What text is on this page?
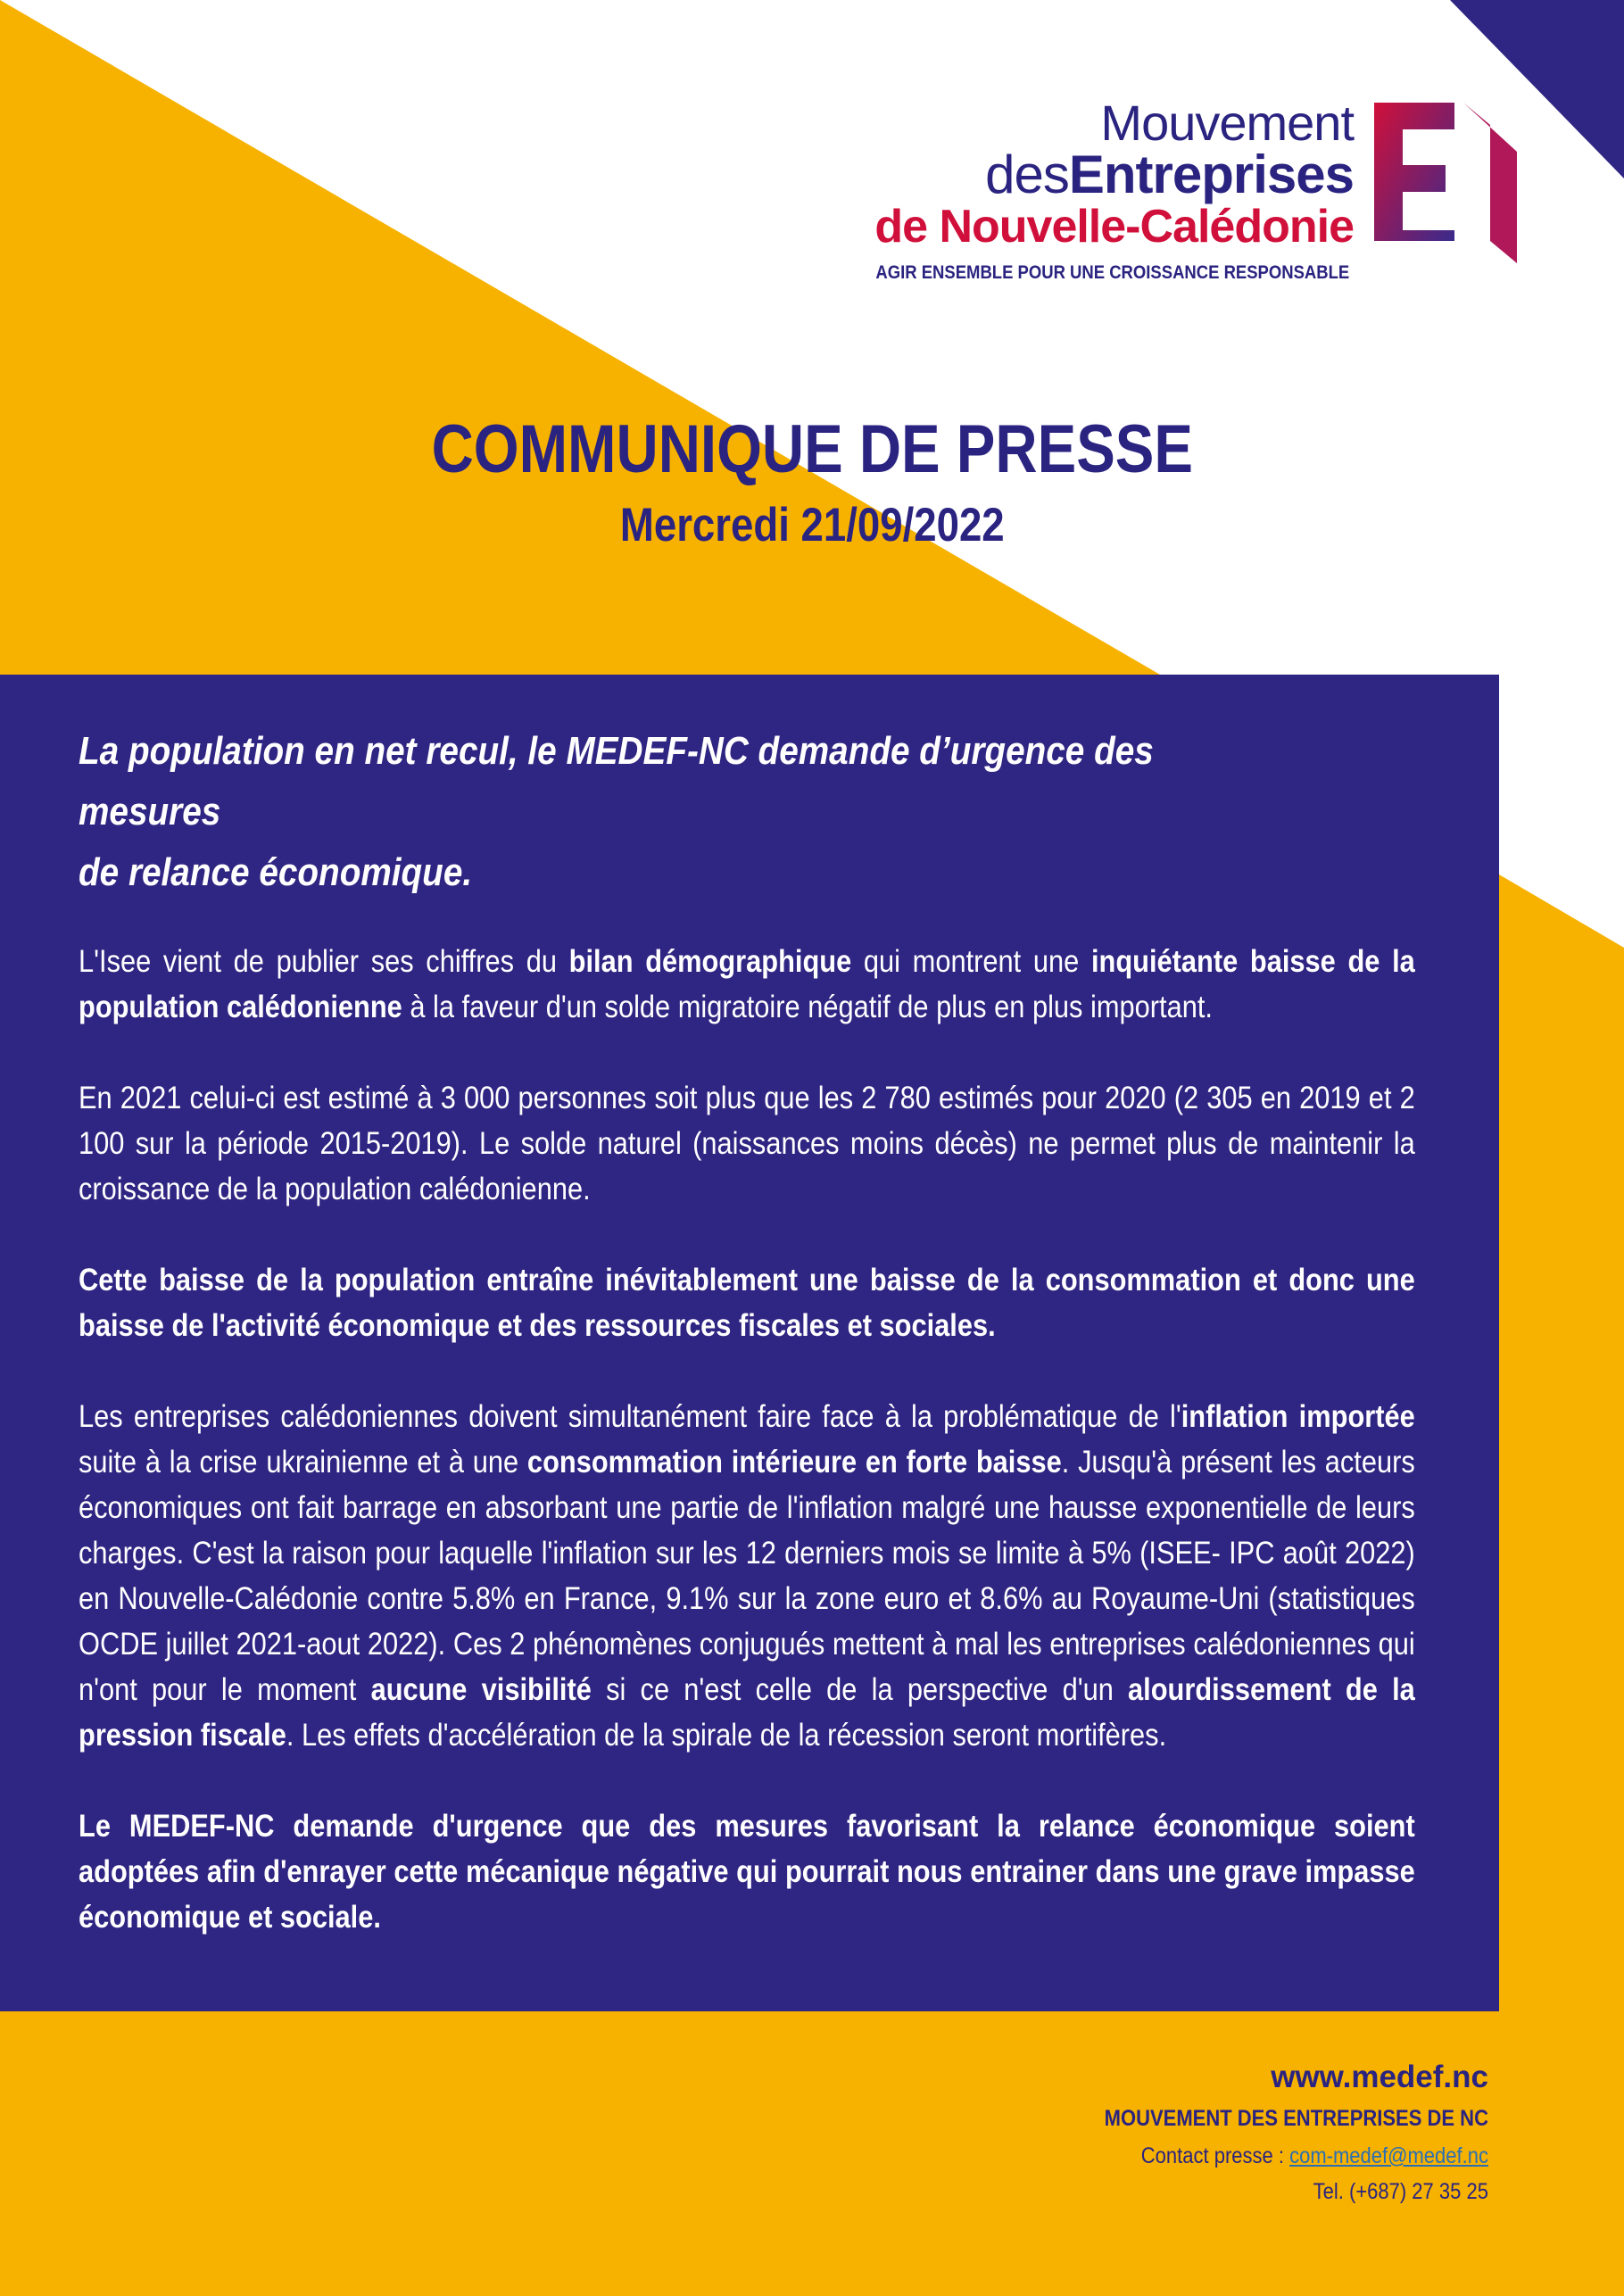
Mouvement
desEntreprises
de Nouvelle-Calédonie
AGIR ENSEMBLE POUR UNE CROISSANCE RESPONSABLE
COMMUNIQUE DE PRESSE
Mercredi 21/09/2022
La population en net recul, le MEDEF-NC demande d’urgence des mesures
de relance économique.

L'Isee vient de publier ses chiffres du bilan démographique qui montrent une inquiétante baisse de la population calédonienne à la faveur d'un solde migratoire négatif de plus en plus important.

En 2021 celui-ci est estimé à 3 000 personnes soit plus que les 2 780 estimés pour 2020 (2 305 en 2019 et 2 100 sur la période 2015-2019). Le solde naturel (naissances moins décès) ne permet plus de maintenir la croissance de la population calédonienne.

Cette baisse de la population entraîne inévitablement une baisse de la consommation et donc une baisse de l'activité économique et des ressources fiscales et sociales.

Les entreprises calédoniennes doivent simultanément faire face à la problématique de l'inflation importée suite à la crise ukrainienne et à une consommation intérieure en forte baisse. Jusqu'à présent les acteurs économiques ont fait barrage en absorbant une partie de l'inflation malgré une hausse exponentielle de leurs charges. C'est la raison pour laquelle l'inflation sur les 12 derniers mois se limite à 5% (ISEE- IPC août 2022) en Nouvelle-Calédonie contre 5.8% en France, 9.1% sur la zone euro et 8.6% au Royaume-Uni (statistiques OCDE juillet 2021-aout 2022). Ces 2 phénomènes conjugués mettent à mal les entreprises calédoniennes qui n'ont pour le moment aucune visibilité si ce n'est celle de la perspective d'un alourdissement de la pression fiscale. Les effets d'accélération de la spirale de la récession seront mortifères.

Le MEDEF-NC demande d'urgence que des mesures favorisant la relance économique soient adoptées afin d'enrayer cette mécanique négative qui pourrait nous entrainer dans une grave impasse économique et sociale.

www.medef.nc
MOUVEMENT DES ENTREPRISES DE NC
Contact presse : com-medef@medef.nc
Tel. (+687) 27 35 25
